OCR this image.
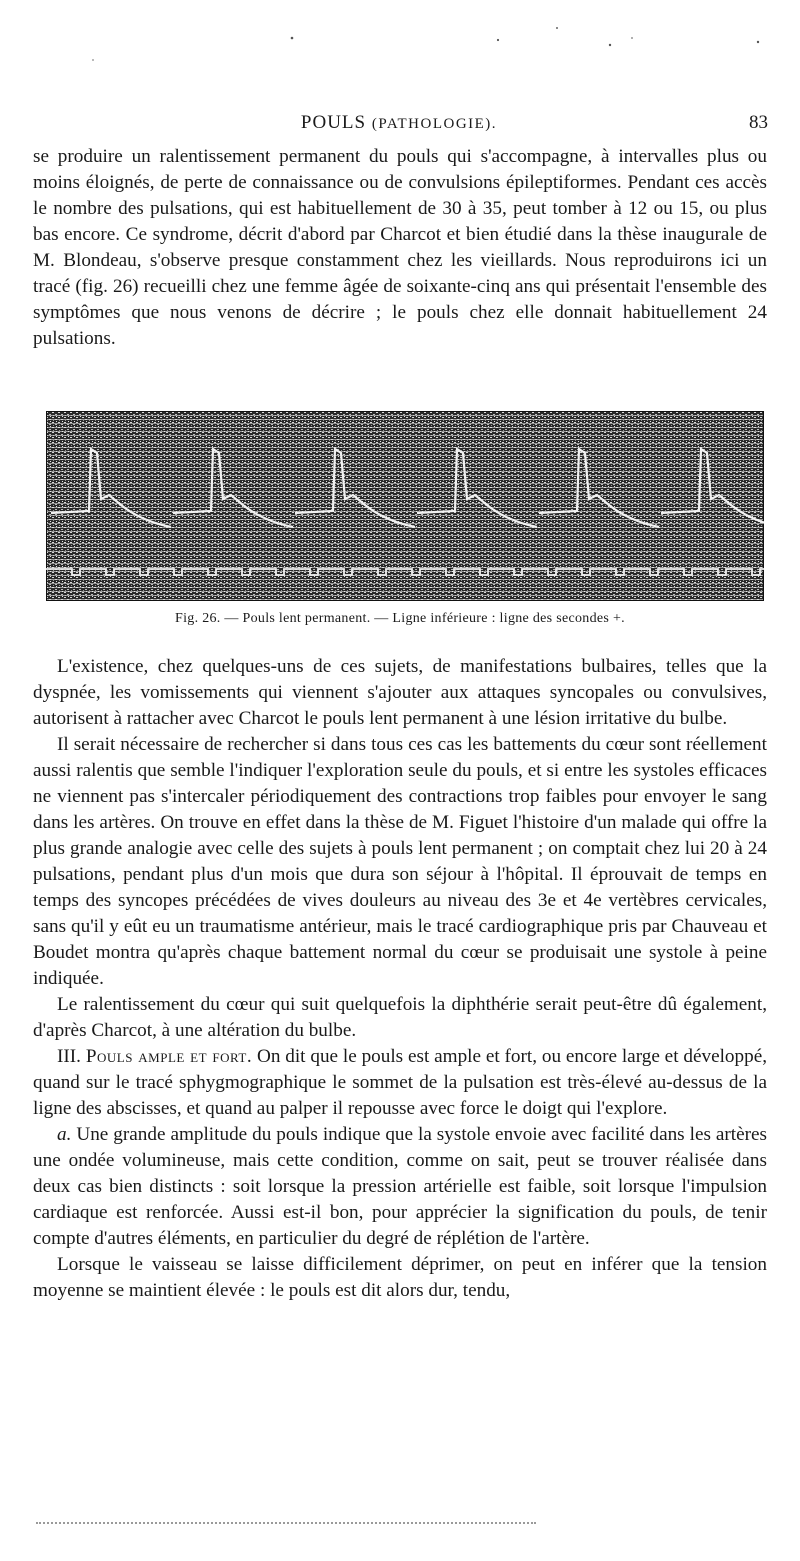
POULS (PATHOLOGIE).	83

se produire un ralentissement permanent du pouls qui s'accompagne, à intervalles plus ou moins éloignés, de perte de connaissance ou de convulsions épileptiformes. Pendant ces accès le nombre des pulsations, qui est habituellement de 30 à 35, peut tomber à 12 ou 15, ou plus bas encore. Ce syndrome, décrit d'abord par Charcot et bien étudié dans la thèse inaugurale de M. Blondeau, s'observe presque constamment chez les vieillards. Nous reproduirons ici un tracé (fig. 26) recueilli chez une femme âgée de soixante-cinq ans qui présentait l'ensemble des symptômes que nous venons de décrire ; le pouls chez elle donnait habituellement 24 pulsations.

Fig. 26. — Pouls lent permanent. — Ligne inférieure : ligne des secondes +.

L'existence, chez quelques-uns de ces sujets, de manifestations bulbaires, telles que la dyspnée, les vomissements qui viennent s'ajouter aux attaques syncopales ou convulsives, autorisent à rattacher avec Charcot le pouls lent permanent à une lésion irritative du bulbe.

Il serait nécessaire de rechercher si dans tous ces cas les battements du cœur sont réellement aussi ralentis que semble l'indiquer l'exploration seule du pouls, et si entre les systoles efficaces ne viennent pas s'intercaler périodiquement des contractions trop faibles pour envoyer le sang dans les artères. On trouve en effet dans la thèse de M. Figuet l'histoire d'un malade qui offre la plus grande analogie avec celle des sujets à pouls lent permanent ; on comptait chez lui 20 à 24 pulsations, pendant plus d'un mois que dura son séjour à l'hôpital. Il éprouvait de temps en temps des syncopes précédées de vives douleurs au niveau des 3e et 4e vertèbres cervicales, sans qu'il y eût eu un traumatisme antérieur, mais le tracé cardiographique pris par Chauveau et Boudet montra qu'après chaque battement normal du cœur se produisait une systole à peine indiquée.

Le ralentissement du cœur qui suit quelquefois la diphthérie serait peut-être dû également, d'après Charcot, à une altération du bulbe.

III. Pouls ample et fort. On dit que le pouls est ample et fort, ou encore large et développé, quand sur le tracé sphygmographique le sommet de la pulsation est très-élevé au-dessus de la ligne des abscisses, et quand au palper il repousse avec force le doigt qui l'explore.

a. Une grande amplitude du pouls indique que la systole envoie avec facilité dans les artères une ondée volumineuse, mais cette condition, comme on sait, peut se trouver réalisée dans deux cas bien distincts : soit lorsque la pression artérielle est faible, soit lorsque l'impulsion cardiaque est renforcée. Aussi est-il bon, pour apprécier la signification du pouls, de tenir compte d'autres éléments, en particulier du degré de réplétion de l'artère.

Lorsque le vaisseau se laisse difficilement déprimer, on peut en inférer que la tension moyenne se maintient élevée : le pouls est dit alors dur, tendu,
